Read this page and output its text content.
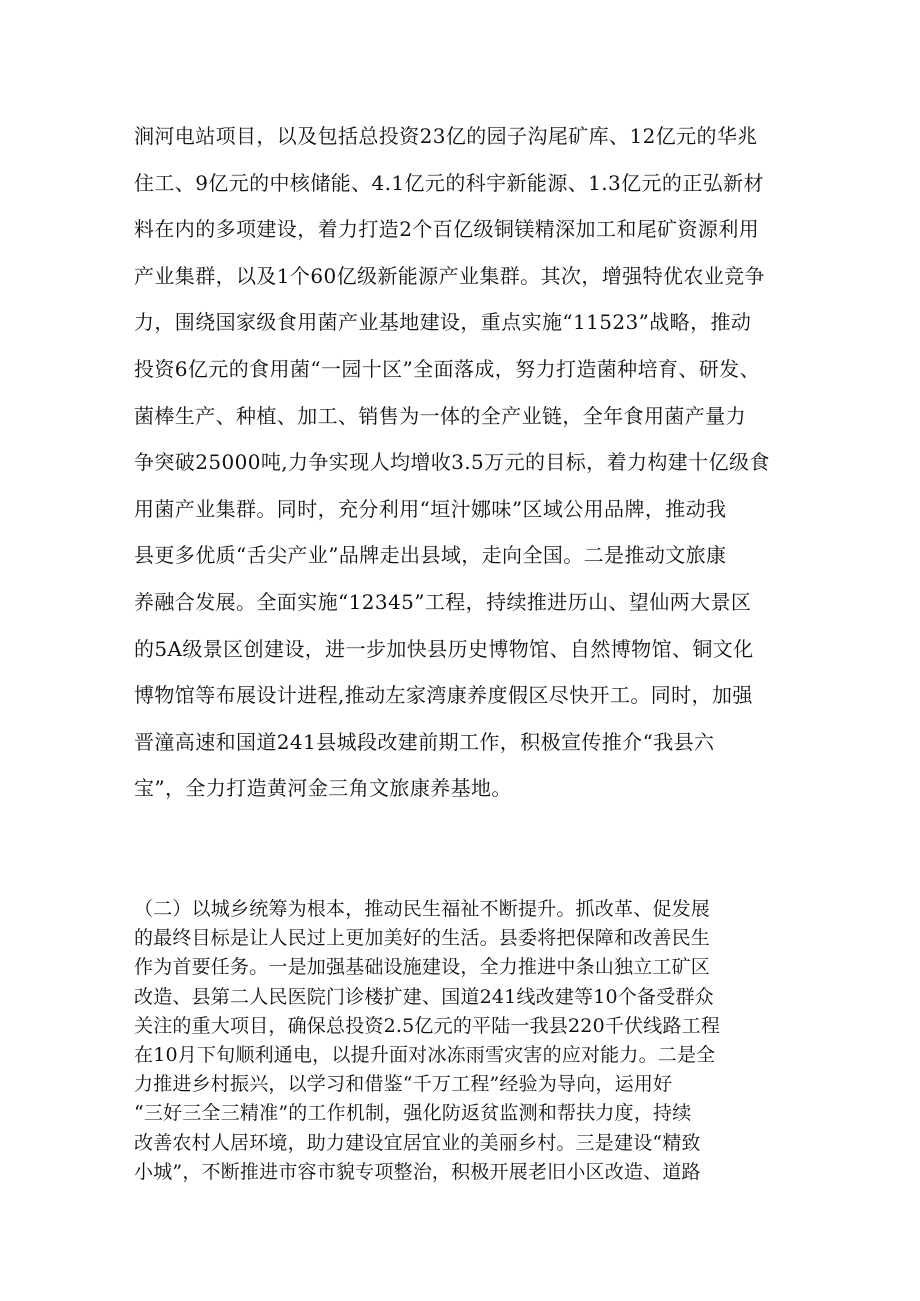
涧河电站项目，以及包括总投资23亿的园子沟尾矿库、12亿元的华兆
住工、9亿元的中核储能、4.1亿元的科宇新能源、1.3亿元的正弘新材
料在内的多项建设，着力打造2个百亿级铜镁精深加工和尾矿资源利用
产业集群，以及1个60亿级新能源产业集群。其次，增强特优农业竞争
力，围绕国家级食用菌产业基地建设，重点实施“11523”战略，推动
投资6亿元的食用菌“一园十区”全面落成，努力打造菌种培育、研发、
菌棒生产、种植、加工、销售为一体的全产业链，全年食用菌产量力
争突破25000吨,力争实现人均增收3.5万元的目标，着力构建十亿级食
用菌产业集群。同时，充分利用“垣汁娜味”区域公用品牌，推动我
县更多优质“舌尖产业”品牌走出县域，走向全国。二是推动文旅康
养融合发展。全面实施“12345”工程，持续推进历山、望仙两大景区
的5A级景区创建设，进一步加快县历史博物馆、自然博物馆、铜文化
博物馆等布展设计进程,推动左家湾康养度假区尽快开工。同时，加强
晋潼高速和国道241县城段改建前期工作，积极宣传推介“我县六
宝”，全力打造黄河金三角文旅康养基地。
（二）以城乡统筹为根本，推动民生福祉不断提升。抓改革、促发展
的最终目标是让人民过上更加美好的生活。县委将把保障和改善民生
作为首要任务。一是加强基础设施建设，全力推进中条山独立工矿区
改造、县第二人民医院门诊楼扩建、国道241线改建等10个备受群众
关注的重大项目，确保总投资2.5亿元的平陆一我县220千伏线路工程
在10月下旬顺利通电，以提升面对冰冻雨雪灾害的应对能力。二是全
力推进乡村振兴，以学习和借鉴“千万工程”经验为导向，运用好
“三好三全三精准”的工作机制，强化防返贫监测和帮扶力度，持续
改善农村人居环境，助力建设宜居宜业的美丽乡村。三是建设“精致
小城”，不断推进市容市貌专项整治，积极开展老旧小区改造、道路
